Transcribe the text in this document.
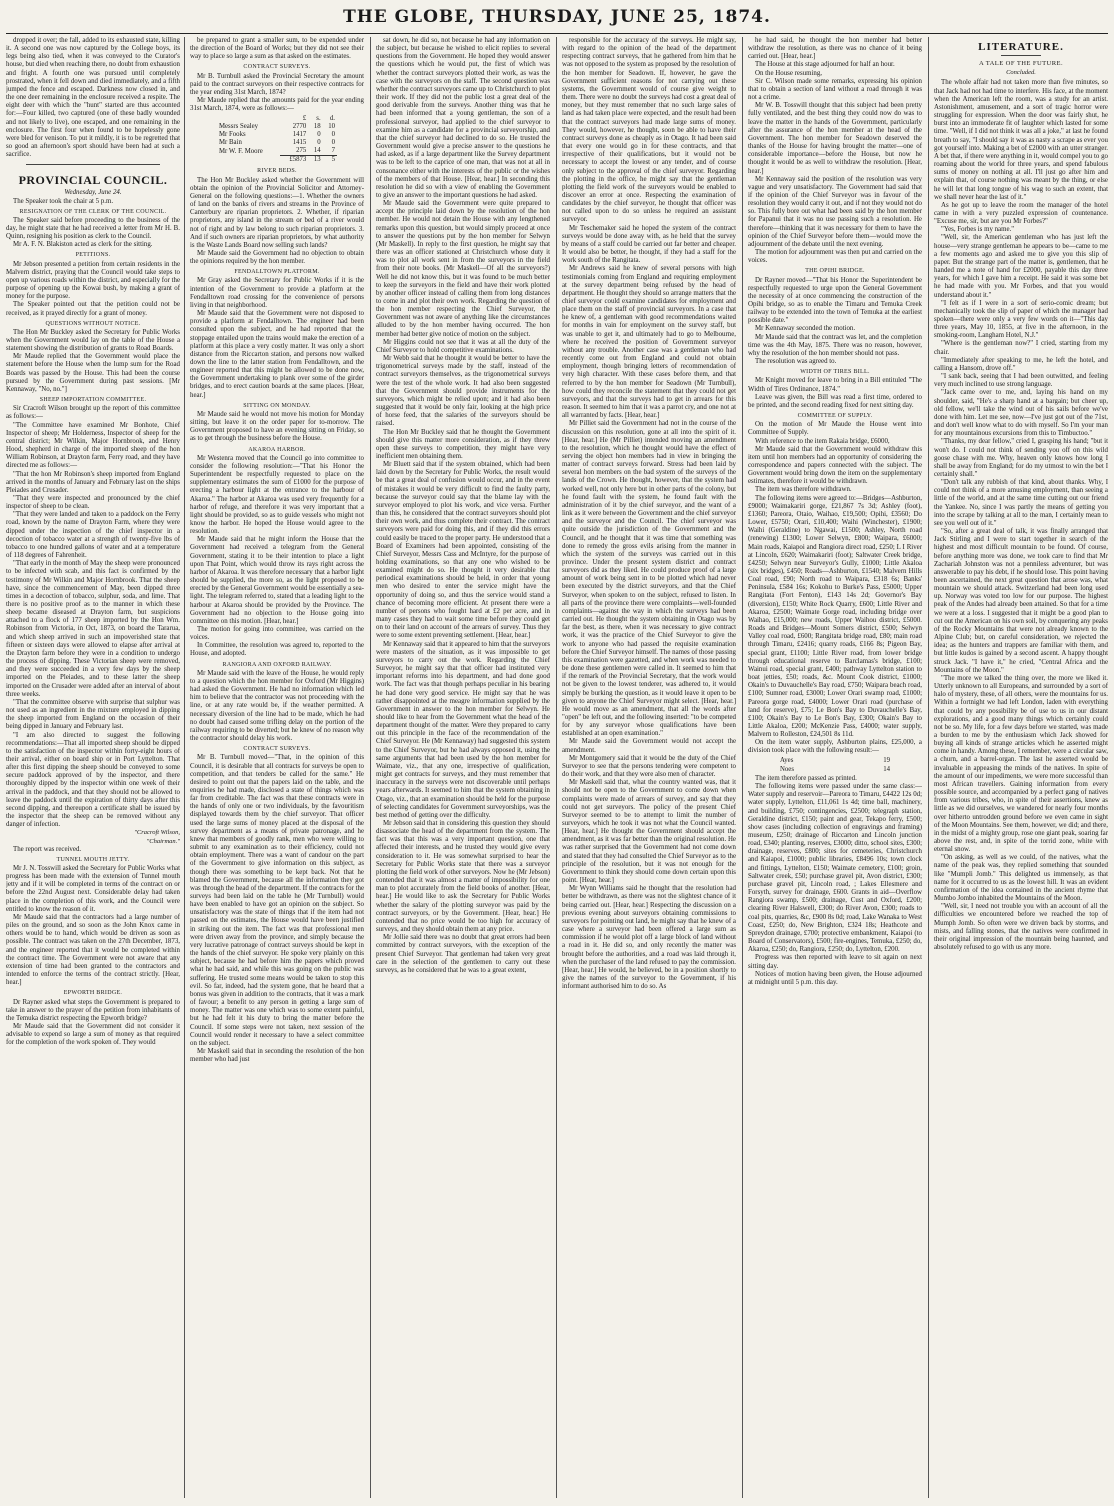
THE GLOBE, THURSDAY, JUNE 25, 1874.

dropped it over; the fall, added to its exhausted state, killing it. A second one was now captured by the College boys, its legs being also tied, when it was conveyed to the Curator's house, but died when reaching there, no doubt from exhaustion and fright. A fourth one was pursued until completely prostrated, when it fell down and died immediately, and a fifth jumped the fence and escaped. Darkness now closed in, and the one deer remaining in the enclosure received a respite. The eight deer with which the "hunt" started are thus accounted for:—Four killed, two captured (one of these badly wounded and not likely to live), one escaped, and one remaining in the enclosure. The first four when found to be hopelessly gone were bled for venison. To put it mildly, it is to be regretted that so good an afternoon's sport should have been had at such a sacrifice.

PROVINCIAL COUNCIL.

Wednesday, June 24.

The Speaker took the chair at 5 p.m.

RESIGNATION OF THE CLERK OF THE COUNCIL.

The Speaker said before proceeding to the business of the day, he might state that he had received a letter from Mr H. B. Quinn, resigning his position as clerk to the Council.

Mr A. F. N. Blakiston acted as clerk for the sitting.

PETITIONS.

Mr Jebson presented a petition from certain residents in the Malvern district, praying that the Council would take steps to open up various roads within the district, and especially for the purpose of opening up the Kowai bush, by making a grant of money for the purpose.

The Speaker pointed out that the petition could not be received, as it prayed directly for a grant of money.

QUESTIONS WITHOUT NOTICE.

The Hon Mr Buckley asked the Secretary for Public Works when the Government would lay on the table of the House a statement showing the distribution of grants to Road Boards.

Mr Maude replied that the Government would place the statement before the House when the lump sum for the Road Boards was passed by the House. This had been the course pursued by the Government during past sessions. [Mr Kennaway, "No, no."]

SHEEP IMPORTATION COMMITTEE.

Sir Cracroft Wilson brought up the report of this committee as follows:—

"The Committee have examined Mr Bonhote, Chief Inspector of sheep; Mr Holderness, Inspector of sheep for the central district; Mr Wilkin, Major Hornbrook, and Henry Hood, shepherd in charge of the imported sheep of the hon William Robinson, at Drayton farm, Ferry road, and they have directed me as follows:—

"That the hon Mr Robinson's sheep imported from England arrived in the months of January and February last on the ships Pleiades and Crusader.

"That they were inspected and pronounced by the chief inspector of sheep to be clean.

"That they were landed and taken to a paddock on the Ferry road, known by the name of Drayton Farm, where they were dipped under the inspection of the chief inspector in a decoction of tobacco water at a strength of twenty-five lbs of tobacco to one hundred gallons of water and at a temperature of 118 degrees of Fahrenheit.

"That early in the month of May the sheep were pronounced to be infected with scab, and this fact is confirmed by the testimony of Mr Wilkin and Major Hornbrook. That the sheep have, since the commencement of May, been dipped three times in a decoction of tobacco, sulphur, soda, and lime. That there is no positive proof as to the manner in which these sheep became diseased at Drayton farm, but suspicions attached to a flock of 177 sheep imported by the Hon Wm. Robinson from Victoria, in Oct, 1873, on board the Tararua, and which sheep arrived in such an impoverished state that fifteen or sixteen days were allowed to elapse after arrival at the Drayton farm before they were in a condition to undergo the process of dipping. These Victorian sheep were removed, and they were succeeded in a very few days by the sheep imported on the Pleiades, and to these latter the sheep imported on the Crusader were added after an interval of about three weeks.

"That the committee observe with surprise that sulphur was not used as an ingredient in the mixture employed in dipping the sheep imported from England on the occasion of their being dipped in January and February last.

"I am also directed to suggest the following recommendations:—That all imported sheep should be dipped to the satisfaction of the inspector within forty-eight hours of their arrival, either on board ship or in Port Lyttelton. That after this first dipping the sheep should be conveyed to some secure paddock approved of by the inspector, and there thoroughly dipped by the inspector within one week of their arrival in the paddock, and that they should not be allowed to leave the paddock until the expiration of thirty days after this second dipping, and thereupon a certificate shall be issued by the inspector that the sheep can be removed without any danger of infection.

"Cracroft Wilson,
"Chairman."

The report was received.

TUNNEL MOUTH JETTY.

Mr J. N. Tosswill asked the Secretary for Public Works what progress has been made with the extension of Tunnel mouth jetty and if it will be completed in terms of the contract on or before the 22nd August next. Considerable delay had taken place in the completion of this work, and the Council were entitled to know the reason of it.

Mr Maude said that the contractors had a large number of piles on the ground, and so soon as the John Knox came in others would be to hand, which would be driven as soon as possible. The contract was taken on the 27th December, 1873, and the engineer reported that it would be completed within the contract time. The Government were not aware that any extension of time had been granted to the contractors and intended to enforce the terms of the contract strictly. [Hear, hear.]

EPWORTH BRIDGE.

Dr Rayner asked what steps the Government is prepared to take in answer to the prayer of the petition from inhabitants of the Temuka district respecting the Epworth bridge?

Mr Maude said that the Government did not consider it advisable to expend so large a sum of money as that required for the completion of the work spoken of. They would

be prepared to grant a smaller sum, to be expended under the direction of the Board of Works; but they did not see their way to place so large a sum as that asked on the estimates.

CONTRACT SURVEYS.

Mr B. Turnbull asked the Provincial Secretary the amount paid to the contract surveyors on their respective contracts for the year ending 31st March, 1874?

Mr Maude replied that the amounts paid for the year ending 31st March, 1874, were as follows:—

	£	s.	d.
Messrs Sealey	2770	18	10
Mr Fooks	1417	0	0
Mr Bain	1415	0	0
Mr W. F. Moore	275	14	7
	£5873	13	5

RIVER BEDS.

The Hon Mr Buckley asked whether the Government will obtain the opinion of the Provincial Solicitor and Attorney-General on the following questions:—1. Whether the owners of land on the banks of rivers and streams in the Province of Canterbury are riparian proprietors. 2. Whether, if riparian proprietors, any island in the stream or bed of a river would not of right and by law belong to such riparian proprietors. 3. And if such owners are riparian proprietors, by what authority is the Waste Lands Board now selling such lands?

Mr Maude said the Government had no objection to obtain the opinions required by the hon member.

FENDALLTOWN PLATFORM.

Mr Gray asked the Secretary for Public Works if it is the intention of the Government to provide a platform at the Fendalltown road crossing for the convenience of persons living in that neighborhood.

Mr Maude said that the Government were not disposed to provide a platform at Fendalltown. The engineer had been consulted upon the subject, and he had reported that the stoppage entailed upon the trains would make the erection of a platform at this place a very costly matter. It was only a short distance from the Riccarton station, and persons now walked down the line to the latter station from Fendalltown, and the engineer reported that this might be allowed to be done now, the Government undertaking to plank over some of the girder bridges, and to erect caution boards at the same places. [Hear, hear.]

SITTING ON MONDAY.

Mr Maude said he would not move his motion for Monday sitting, but leave it on the order paper for to-morrow. The Government proposed to have an evening sitting on Friday, so as to get through the business before the House.

AKAROA HARBOR.

Mr Westenra moved that the Council go into committee to consider the following resolution:—"That his Honor the Superintendent be respectfully requested to place on the supplementary estimates the sum of £1000 for the purpose of erecting a harbour light at the entrance to the harbour of Akaroa." The harbor at Akaroa was used very frequently for a harbor of refuge, and therefore it was very important that a light should be provided, so as to guide vessels who might not know the harbor. He hoped the House would agree to the resolution.

Mr Maude said that he might inform the House that the Government had received a telegram from the General Government, stating it to be their intention to place a light upon That Point, which would throw its rays right across the harbor of Akaroa. It was therefore necessary that a harbor light should be supplied, the more so, as the light proposed to be erected by the General Government would be essentially a sea-light. The telegram referred to, stated that a leading light to the harbour at Akaroa should be provided by the Province. The Government had no objection to the House going into committee on this motion. [Hear, hear.]

The motion for going into committee, was carried on the voices.

In Committee, the resolution was agreed to, reported to the House, and adopted.

RANGIORA AND OXFORD RAILWAY.

Mr Maude said with the leave of the House, he would reply to a question which the hon member for Oxford (Mr Higgins) had asked the Government. He had no information which led him to believe that the contractor was not proceeding with the line, or at any rate would be, if the weather permitted. A necessary diversion of the line had to be made, which he had no doubt had caused some trifling delay on the portion of the railway requiring to be diverted; but he knew of no reason why the contractor should delay his work.

CONTRACT SURVEYS.

Mr B. Turnbull moved—"That, in the opinion of this Council, it is desirable that all contracts for surveys be open to competition, and that tenders be called for the same." He desired to point out that the papers laid on the table, and the enquiries he had made, disclosed a state of things which was far from creditable. The fact was that these contracts were in the hands of only one or two individuals, by the favouritism displayed towards them by the chief surveyor. That officer used the large sums of money placed at the disposal of the survey department as a means of private patronage, and he knew that members of goodly rank, men who were willing to submit to any examination as to their efficiency, could not obtain employment. There was a want of candour on the part of the Government to give information on this subject, as though there was something to be kept back. Not that he blamed the Government, because all the information they got was through the head of the department. If the contracts for the surveys had been laid on the table he (Mr Turnbull) would have been enabled to have got an opinion on the subject. So unsatisfactory was the state of things that if the item had not passed on the estimates, the House would have been justified in striking out the item. The fact was that professional men were driven away from the province, and simply because the very lucrative patronage of contract surveys should be kept in the hands of the chief surveyor. He spoke very plainly on this subject, because he had before him the papers which proved what he had said, and while this was going on the public was suffering. He trusted some means would be taken to stop this evil. So far, indeed, had the system gone, that he heard that a bonus was given in addition to the contracts, that it was a mark of favour; a benefit to any person in getting a large sum of money. The matter was one which was to some extent painful, but he had felt it his duty to bring the matter before the Council. If some steps were not taken, next session of the Council would render it necessary to have a select committee on the subject.

Mr Maskell said that in seconding the resolution of the hon member who had just

sat down, he did so, not because he had any information on the subject, but because he wished to elicit replies to several questions from the Government. He hoped they would answer the questions which he would put, the first of which was whether the contract surveyors plotted their work, as was the case with the surveyors on the staff. The second question was whether the contract surveyors came up to Christchurch to plot their work. If they did not the public lost a great deal of the good derivable from the surveys. Another thing was that he had been informed that a young gentleman, the son of a professional surveyor, had applied to the chief surveyor to examine him as a candidate for a provincial surveyorship, and that the chief surveyor had declined to do so. He trusted the Government would give a precise answer to the questions he had asked, as if a large department like the Survey department was to be left to the caprice of one man, that was not at all in consonance either with the interests of the public or the wishes of the members of that House. [Hear, hear.] In seconding this resolution he did so with a view of enabling the Government to give an answer to the important questions he had asked.

Mr Maude said the Government were quite prepared to accept the principle laid down by the resolution of the hon member. He would not detain the House with any lengthened remarks upon this question, but would simply proceed at once to answer the questions put by the hon member for Selwyn (Mr Maskell). In reply to the first question, he might say that there was an officer stationed at Christchurch whose duty it was to plot all work sent in from the surveyors in the field from their note books. (Mr Maskell—Of all the surveyors?) Well he did not know this, but it was found to be much better to keep the surveyors in the field and have their work plotted by another officer instead of calling them from long distances to come in and plot their own work. Regarding the question of the hon member respecting the Chief Surveyor, the Government was not aware of anything like the circumstances alluded to by the hon member having occurred. The hon member had better give notice of motion on the subject.

Mr Higgins could not see that it was at all the duty of the Chief Surveyor to hold competitive examinations.

Mr Webb said that he thought it would be better to have the trigonometrical surveys made by the staff, instead of the contract surveyors themselves, as the trigonometrical surveys were the test of the whole work. It had also been suggested that the Government should provide instruments for the surveyors, which might be relied upon; and it had also been suggested that it would be only fair, looking at the high price of horse feed, that the salaries of the surveyors should be raised.

The Hon Mr Buckley said that he thought the Government should give this matter more consideration, as if they threw open these surveys to competition, they might have very inefficient men obtaining them.

Mr Bluett said that if the system obtained, which had been laid down by the Secretary for Public Works, the result would be that a great deal of confusion would occur, and in the event of mistakes it would be very difficult to find the faulty party, because the surveyor could say that the blame lay with the surveyor employed to plot his work, and vice versa. Further than this, he considered that the contract surveyors should plot their own work, and thus complete their contract. The contract surveyors were paid for doing this, and if they did this errors could easily be traced to the proper party. He understood that a Board of Examiners had been appointed, consisting of the Chief Surveyor, Messrs Cass and McIntyre, for the purpose of holding examinations, so that any one who wished to be examined might do so. He thought it very desirable that periodical examinations should be held, in order that young men who desired to enter the service might have the opportunity of doing so, and thus the service would stand a chance of becoming more efficient. At present there were a number of persons who fought hard at £2 per acre, and in many cases they had to wait some time before they could get on to their land on account of the arrears of survey. Thus they were to some extent preventing settlement. [Hear, hear.]

Mr Kennaway said that it appeared to him that the surveyors were masters of the situation, as it was impossible to get surveyors to carry out the work. Regarding the Chief Surveyor, he might say that that officer had instituted very important reforms into his department, and had done good work. The fact was that though perhaps peculiar in his bearing he had done very good service. He might say that he was rather disappointed at the meagre information supplied by the Government in answer to the hon member for Selwyn. He should like to hear from the Government what the head of the department thought of the matter. Were they prepared to carry out this principle in the face of the recommendation of the Chief Surveyor. He (Mr Kennaway) had suggested this system to the Chief Surveyor, but he had always opposed it, using the same arguments that had been used by the hon member for Waimate, viz., that any one, irrespective of qualification, might get contracts for surveys, and they must remember that inaccuracy in the surveys were not discoverable until perhaps years afterwards. It seemed to him that the system obtaining in Otago, viz., that an examination should be held for the purpose of selecting candidates for Government surveyorships, was the best method of getting over the difficulty.

Mr Jebson said that in considering this question they should disassociate the head of the department from the system. The fact was that this was a very important question, one that affected their interests, and he trusted they would give every consideration to it. He was somewhat surprised to hear the Secretary for Public Works state that there was a surveyor plotting the field work of other surveyors. Now he (Mr Jebson) contended that it was almost a matter of impossibility for one man to plot accurately from the field books of another. [Hear, hear.] He would like to ask the Secretary for Public Works whether the salary of the plotting surveyor was paid by the contract surveyors, or by the Government. [Hear, hear.] He contended that no price would be too high for accuracy of surveys, and they should obtain them at any price.

Mr Jollie said there was no doubt that great errors had been committed by contract surveyors, with the exception of the present Chief Surveyor. That gentleman had taken very great care in the selection of the gentlemen to carry out these surveys, as he considered that he was to a great extent,

responsible for the accuracy of the surveys. He might say, with regard to the opinion of the head of the department respecting contract surveys, that he gathered from him that he was not opposed to the system as proposed by the resolution of the hon member for Seadown. If, however, he gave the Government sufficient reasons for not carrying out these systems, the Government would of course give weight to them. There were no doubt the surveys had cost a great deal of money, but they must remember that no such large sales of land as had taken place were expected, and the result had been that the contract surveyors had made large sums of money. They would, however, he thought, soon be able to have their contract surveys done as cheaply as in Otago. It had been said that every one would go in for these contracts, and that irrespective of their qualifications, but it would not be necessary to accept the lowest or any tender, and of course only subject to the approval of the chief surveyor. Regarding the plotting in the office, he might say that the gentleman plotting the field work of the surveyors would be enabled to discover an error at once. Respecting the examination of candidates by the chief surveyor, he thought that officer was not called upon to do so unless he required an assistant surveyor.

Mr Teschemaker said he hoped the system of the contract surveys would be done away with, as he held that the survey by means of a staff could be carried out far better and cheaper. It would also be better, he thought, if they had a staff for the work south of the Rangitata.

Mr Andrews said he knew of several persons with high testimonials coming from England and requiring employment at the survey department being refused by the head of department. He thought they should so arrange matters that the chief surveyor could examine candidates for employment and place them on the staff of provincial surveyors. In a case that he knew of, a gentleman with good recommendations waited for months in vain for employment on the survey staff, but was unable to get it, and ultimately had to go to Melbourne, where he received the position of Government surveyor without any trouble. Another case was a gentleman who had recently come out from England and could not obtain employment, though bringing letters of recommendation of very high character. With these cases before them, and that referred to by the hon member for Seadown (Mr Turnbull), how could they reconcile the statement that they could not get surveyors, and that the surveys had to get in arrears for this reason. It seemed to him that it was a parrot cry, and one not at all warranted by facts. [Hear, hear.]

Mr Pilliet said the Government had not in the course of the discussion on this resolution, gone at all into the spirit of it. [Hear, hear.] He (Mr Pilliet) intended moving an amendment to the resolution, which he thought would have the effect of serving the object hon members had in view in bringing the matter of contract surveys forward. Stress had been laid by several hon members on the bad system of the surveys of the lands of the Crown. He thought, however, that the system had worked well, not only here but in other parts of the colony, but he found fault with the system, he found fault with the administration of it by the chief surveyor, and the want of a link as it were between the Government and the chief surveyor and the surveyor and the Council. The chief surveyor was quite outside the jurisdiction of the Government and the Council, and he thought that it was time that something was done to remedy the gross evils arising from the manner in which the system of the surveys was carried out in this province. Under the present system district and contract surveyors did as they liked. He could produce proof of a large amount of work being sent in to be plotted which had never been executed by the district surveyors, and that the Chief Surveyor, when spoken to on the subject, refused to listen. In all parts of the province there were complaints—well-founded complaints—against the way in which the surveys had been carried out. He thought the system obtaining in Otago was by far the best, as there, when it was necessary to give contract work, it was the practice of the Chief Surveyor to give the work to anyone who had passed the requisite examination before the Chief Surveyor himself. The names of those passing this examination were gazetted, and when work was needed to be done these gentlemen were called in. It seemed to him that if the remark of the Provincial Secretary, that the work would not be given to the lowest tenderer, was adhered to, it would simply be burking the question, as it would leave it open to be given to anyone the Chief Surveyor might select. [Hear, hear.] He would move as an amendment, that all the words after "open" be left out, and the following inserted: "to be competed for by any surveyor whose qualifications have been established at an open examination."

Mr Maude said the Government would not accept the amendment.

Mr Montgomery said that it would be the duty of the Chief Surveyor to see that the persons tendering were competent to do their work, and that they were also men of character.

Mr Maskell said that, what the country wanted was, that it should not be open to the Government to come down when complaints were made of arrears of survey, and say that they could not get surveyors. The policy of the present Chief Surveyor seemed to be to attempt to limit the number of surveyors, which he took it was not what the Council wanted. [Hear, hear.] He thought the Government should accept the amendment, as it was far better than the original resolution. He was rather surprised that the Government had not come down and stated that they had consulted the Chief Surveyor as to the principle of the resolution, but it was not enough for the Government to think they should come down certain upon this point. [Hear, hear.]

Mr Wynn Williams said he thought that the resolution had better be withdrawn, as there was not the slightest chance of it being carried out. [Hear, hear.] Respecting the discussion on a previous evening about surveyors obtaining commissions to surveyors for pointing out land, he might say that he knew of a case where a surveyor had been offered a large sum as commission if he would plot off a large block of land without a road in it. He did so, and only recently the matter was brought before the authorities, and a road was laid through it, when the purchaser of the land refused to pay the commission. [Hear, hear.] He would, he believed, be in a position shortly to give the names of the surveyor to the Government, if his informant authorised him to do so. As

he had said, he thought the hon member had better withdraw the resolution, as there was no chance of it being carried out. [Hear, hear.]

The House at this stage adjourned for half an hour.

On the House resuming,

Sir C. Wilson made some remarks, expressing his opinion that to obtain a section of land without a road through it was not a crime.

Mr W. B. Tosswill thought that this subject had been pretty fully ventilated, and the best thing they could now do was to leave the matter in the hands of the Government, particularly after the assurance of the hon member at the head of the Government. The hon member for Seadown deserved the thanks of the House for having brought the matter—one of considerable importance—before the House, but now he thought it would be as well to withdraw the resolution. [Hear, hear.]

Mr Kennaway said the position of the resolution was very vague and very unsatisfactory. The Government had said that if the opinion of the Chief Surveyor was in favour of the resolution they would carry it out, and if not they would not do so. This fully bore out what had been said by the hon member for Papanui that it was no use passing such a resolution. He therefore—thinking that it was necessary for them to have the opinion of the Chief Surveyor before them—would move the adjournment of the debate until the next evening.

The motion for adjournment was then put and carried on the voices.

THE OPIHI BRIDGE.

Dr Rayner moved—"That his Honor the Superintendent be respectfully requested to urge upon the General Government the necessity of at once commencing the construction of the Opihi bridge, so as to enable the Timaru and Temuka Creek railway to be extended into the town of Temuka at the earliest possible date."

Mr Kennaway seconded the motion.

Mr Maude said that the contract was let, and the completion time was the 4th May, 1875. There was no reason, however, why the resolution of the hon member should not pass.

The resolution was agreed to.

WIDTH OF TIRES BILL.

Mr Knight moved for leave to bring in a Bill entituled "The Width of Tires Ordinance, 1874."

Leave was given, the Bill was read a first time, ordered to be printed, and the second reading fixed for next sitting day.

COMMITTEE OF SUPPLY.

On the motion of Mr Maude the House went into Committee of Supply.

With reference to the item Rakaia bridge, £6000,

Mr Maude said that the Government would withdraw this item until hon members had an opportunity of considering the correspondence and papers connected with the subject. The Government would bring down the item on the supplementary estimates, therefore it would be withdrawn.

The item was therefore withdrawn.

The following items were agreed to:—Bridges—Ashburton, £9000; Waimakariri gorge, £21,867 7s 3d; Ashley (foot), £1360; Pareora, Otaio, Waihao, £19,500; Opihi, £3560; Do Lower, £5750; Orari, £10,400; Waihi (Winchester), £1900; Waihi (Geraldine) to Ngawai, £1500; Ashley, North road (renewing) £1300; Lower Selwyn, £800; Waipara, £6000; Main roads, Kaiapoi and Rangiora direct road, £250; L I River at Lincoln, £620; Waimakariri (foot); Saltwater Creek bridge, £4250; Selwyn near Surveyor's Gully, £1000; Little Akaloa (six bridges), £450; Roads—Ashburton, £1540; Malvern Hills Coal road, £90; North road to Waipara, £318 6s; Banks' Peninsula, £584 16s; Kokohu to Burke's Pass, £5000; Upper Rangitata (Fort Fenton), £143 14s 2d; Governor's Bay (diversion), £150; White Rock Quarry, £600; Little River and Akaroa, £2500; Waimate Gorge road, including bridge over Waihao, £15,000; new roads, Upper Waihou district, £5000. Roads and Bridges—Mount Somers district, £500; Selwyn Valley coal road, £600; Rangitata bridge road, £80; main road through Timaru, £2416; quarry roads, £166 8s; Pigeon Bay, special grant, £1100; Little River road, from lower bridge through educational reserve to Barclamas's bridge, £100; Wainui road, special grant, £400; pathway Lyttelton station to boat jetties, £50; roads, &c. Mount Cook district, £1000; Okain's to Duvauchelle's Bay road, £750; Waipara beach road, £100; Sumner road, £3000; Lower Orari swamp road, £1000; Pareora gorge road, £4000; Lower Orari road (purchase of land for reserve), £75; Le Bon's Bay to Duvauchelle's Bay, £100; Okain's Bay to Le Bon's Bay, £300; Okain's Bay to Little Akaloa, £200; McKenzie Pass, £4000; water supply, Malvern to Rolleston, £24,501 8s 11d.

On the item water supply, Ashburton plains, £25,000, a division took place with the following result:—

Ayes	19
Noes	14

The item therefore passed as printed.

The following items were passed under the same class:—Water supply and reservoir—Pareora to Timaru, £4422 12s 0d; water supply, Lyttelton, £11,061 1s 4d; time ball, machinery, and building, £750; contingencies, £2500; telegraph station, Geraldine district, £150; paint and gear, Tekapo ferry, £500; show cases (including collection of engravings and framing) museum, £250; drainage of Riccarton and Lincoln junction road, £340; planting, reserves, £3000; ditto, school sites, £300; drainage, reserves, £800; sites for cemeteries, Christchurch and Kaiapoi, £1000; public libraries, £8496 10s; town clock and fittings, Lyttelton, £150; Waimate cemetery, £100; groin, Saltwater creek, £50; purchase gravel pit, Avon district, £300; purchase gravel pit, Lincoln road, ; Lakes Ellesmere and Forsyth, survey for drainage, £600. Grants in aid—Overflow Rangiora swamp, £500; drainage, Cust and Oxford, £200; clearing River Halswell, £300; do River Avon, £300; roads to coal pits, quarries, &c, £900 8s 0d; road, Lake Wanaka to West Coast, £250; do, New Brighton, £324 18s; Heathcote and Spreydon drainage, £700; protective embankment, Kaiapoi (to Board of Conservators), £500; fire-engines, Temuka, £250; do, Akaroa, £250; do, Rangiora, £250; do, Lyttelton, £200.

Progress was then reported with leave to sit again on next sitting day.

Notices of motion having been given, the House adjourned at midnight until 5 p.m. this day.

LITERATURE.
A TALE OF THE FUTURE.
Concluded.

The whole affair had not taken more than five minutes, so that Jack had not had time to interfere. His face, at the moment when the American left the room, was a study for an artist. Astonishment, amusement, and a sort of tragic horror were struggling for expression. When the door was fairly shut, he burst into an immoderate fit of laughter which lasted for some time. "Well, if I did not think it was all a joke," at last he found breath to say, "I should say it was as nasty a scrape as ever you got yourself into. Making a bet of £2000 with an utter stranger. A bet that, if there were anything in it, would compel you to go roaming about the world for three years, and spend fabulous sums of money on nothing at all. I'll just go after him and explain that, of course nothing was meant by the thing, or else he will let that long tongue of his wag to such an extent, that we shall never hear the last of it."

As he got up to leave the room the manager of the hotel came in with a very puzzled expression of countenance. "Excuse me, sir, but are you Mr Forbes?"

"Yes, Forbes is my name."

"Well, sir, the American gentleman who has just left the house—very strange gentleman he appears to be—came to me a few moments ago and asked me to give you this slip of paper. But the strange part of the matter is, gentlemen, that he handed me a note of hand for £2000, payable this day three years, for which I gave him a receipt. He said it was some bet he had made with you. Mr Forbes, and that you would understand about it."

"I felt as if I were in a sort of serio-comic dream; but mechanically took the slip of paper of which the manager had spoken—there were only a very few words on it—"This day three years, May 10, 1855, at five in the afternoon, in the smoking-room, Langham Hotel, N.J."

"Where is the gentleman now?" I cried, starting from my chair.

"Immediately after speaking to me, he left the hotel, and calling a Hansom, drove off."

"I sank back, seeing that I had been outwitted, and feeling very much inclined to use strong language.

"Jack came over to me, and, laying his hand on my shoulder, said, "He's a sharp hand at a bargain; but cheer up, old fellow, we'll take the wind out of his sails before we've done with him. Let me see, now—I've just got out of the 71st, and don't well know what to do with myself. So I'm your man for any mountainous excursions from this to Timbuctoo."

"Thanks, my dear fellow," cried I, grasping his hand; "but it won't do. I could not think of sending you off on this wild goose chase with me. Why, heaven only knows how long I shall be away from England; for do my utmost to win the bet I certainly shall."

"Don't talk any rubbish of that kind, about thanks. Why, I could not think of a more amusing employment, than seeing a little of the world, and at the same time cutting out our friend the Yankee. No, since I was partly the means of getting you into the scrape by talking at all to the man, I certainly mean to see you well out of it."

"So, after a great deal of talk, it was finally arranged that Jack Stirling and I were to start together in search of the highest and most difficult mountain to be found. Of course, before anything more was done, we took care to find that Mr Zachariah Johnston was not a penniless adventurer, but was answerable to pay his debt, if he should lose. This point having been ascertained, the next great question that arose was, what mountain we should attack. Switzerland had been long used up. Norway was voted too low for our purpose. The highest peak of the Andes had already been attained. So that for a time we were at a loss. I suggested that it might be a good plan to cut out the American on his own soil, by conquering any peaks of the Rocky Mountains that were not already known to the Alpine Club; but, on careful consideration, we rejected the idea; as the hunters and trappers are familiar with them, and but little kudos is gained by a second ascent. A happy thought struck Jack. "I have it," he cried, "Central Africa and the Mountains of the Moon."

"The more we talked the thing over, the more we liked it. Utterly unknown to all Europeans, and surrounded by a sort of halo of mystery, these, of all others, were the mountains for us. Within a fortnight we had left London, laden with everything that could by any possibility be of use to us in our distant explorations, and a good many things which certainly could not be so. My life, for a few days before we started, was made a burden to me by the enthusiasm which Jack showed for buying all kinds of strange articles which he asserted might come in handy. Among these, I remember, were a circular saw, a churn, and a barrel-organ. The last he asserted would be invaluable in appeasing the minds of the natives. In spite of the amount of our impediments, we were more successful than most African travellers. Gaining information from every possible source, and accompanied by a perfect gang of natives from various tribes, who, in spite of their assertions, knew as little as we did ourselves, we wandered for nearly four months over hitherto untrodden ground before we even came in sight of the Moon Mountains. See them, however, we did; and there, in the midst of a mighty group, rose one giant peak, soaring far above the rest, and, in spite of the torrid zone, white with eternal snow.

"On asking, as well as we could, of the natives, what the name of the peak was, they replied something that sounded like "Mumpli Jomb." This delighted us immensely, as that name for it occurred to us as the lowest hill. It was an evident confirmation of the idea contained in the ancient rhyme that Mumbo Jombo inhabited the Mountains of the Moon.

"Well, sir, I need not trouble you with an account of all the difficulties we encountered before we reached the top of Mumph Jomb. So often were we driven back by storms, and mists, and falling stones, that the natives were confirmed in their original impression of the mountain being haunted, and absolutely refused to go with us any more.
